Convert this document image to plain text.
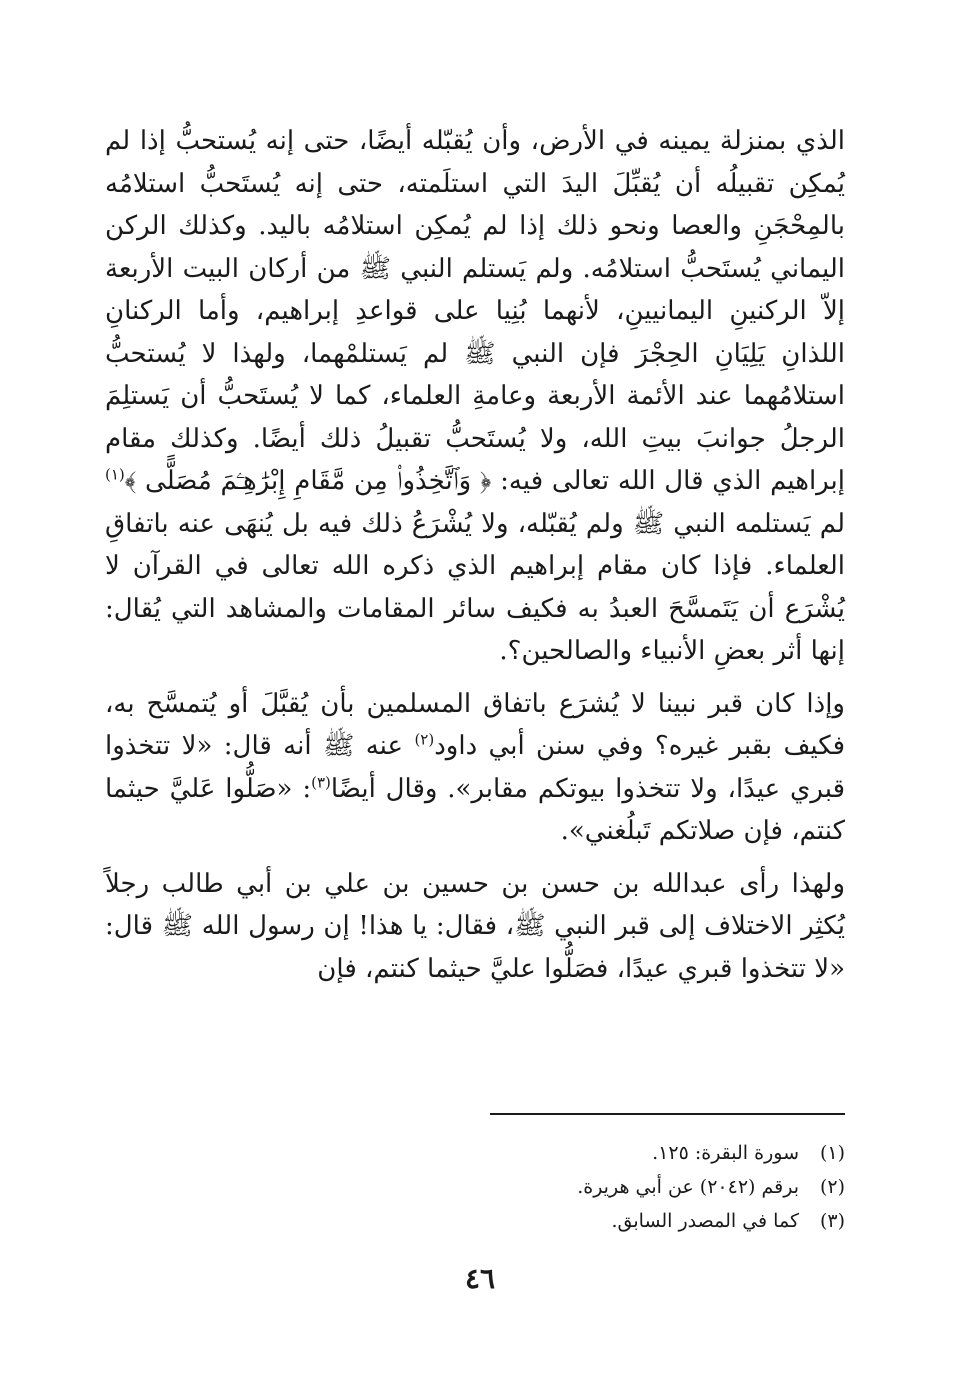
الذي بمنزلة يمينه في الأرض، وأن يُقبّله أيضًا، حتى إنه يُستحبُّ إذا لم يُمكِن تقبيلُه أن يُقبِّلَ اليدَ التي استلَمته، حتى إنه يُستَحبُّ استلامُه بالمِحْجَنِ والعصا ونحو ذلك إذا لم يُمكِن استلامُه باليد. وكذلك الركن اليماني يُستَحبُّ استلامُه. ولم يَستلم النبي ﷺ من أركان البيت الأربعة إلاّ الركنينِ اليمانيينِ، لأنهما بُنِيا على قواعدِ إبراهيم، وأما الركنانِ اللذانِ يَلِيَانِ الحِجْرَ فإن النبي ﷺ لم يَستلمْهما، ولهذا لا يُستحبُّ استلامُهما عند الأئمة الأربعة وعامةِ العلماء، كما لا يُستَحبُّ أن يَستلِمَ الرجلُ جوانبَ بيتِ الله، ولا يُستَحبُّ تقبيلُ ذلك أيضًا. وكذلك مقام إبراهيم الذي قال الله تعالى فيه: ﴿ وَٱتَّخِذُوا۟ مِن مَّقَامِ إِبْرَٰهِـۧمَ مُصَلًّى ﴾$^{(١)}$ لم يَستلمه النبي ﷺ ولم يُقبّله، ولا يُشْرَعُ ذلك فيه بل يُنهَى عنه باتفاقِ العلماء. فإذا كان مقام إبراهيم الذي ذكره الله تعالى في القرآن لا يُشْرَع أن يَتَمسَّحَ العبدُ به فكيف سائر المقامات والمشاهد التي يُقال: إنها أثر بعضِ الأنبياء والصالحين؟.

وإذا كان قبر نبينا لا يُشرَع باتفاق المسلمين بأن يُقبَّلَ أو يُتمسَّح به، فكيف بقبر غيره؟ وفي سنن أبي داود$^{(٢)}$ عنه ﷺ أنه قال: «لا تتخذوا قبري عيدًا، ولا تتخذوا بيوتكم مقابر». وقال أيضًا$^{(٣)}$: «صَلُّوا عَليَّ حيثما كنتم، فإن صلاتكم تَبلُغني».

ولهذا رأى عبدالله بن حسن بن حسين بن علي بن أبي طالب رجلاً يُكثِر الاختلاف إلى قبر النبي ﷺ، فقال: يا هذا! إن رسول الله ﷺ قال: «لا تتخذوا قبري عيدًا، فصَلُّوا عليَّ حيثما كنتم، فإن

(١)
سورة البقرة: ١٢٥.
(٢)
برقم (٢٠٤٢) عن أبي هريرة.
(٣)
كما في المصدر السابق.
٤٦
